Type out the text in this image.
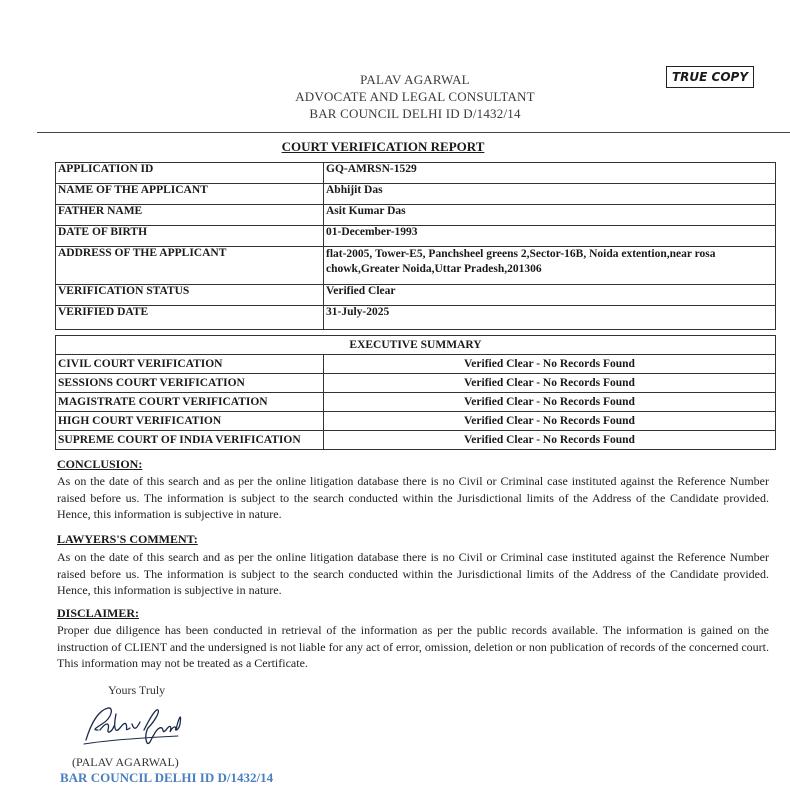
PALAV AGARWAL
ADVOCATE AND LEGAL CONSULTANT
BAR COUNCIL DELHI ID D/1432/14
TRUE COPY
COURT VERIFICATION REPORT
APPLICATION ID	GQ-AMRSN-1529
NAME OF THE APPLICANT	Abhijit Das
FATHER NAME	Asit Kumar Das
DATE OF BIRTH	01-December-1993
ADDRESS OF THE APPLICANT	flat-2005, Tower-E5, Panchsheel greens 2,Sector-16B, Noida extention,near rosa chowk,Greater Noida,Uttar Pradesh,201306
VERIFICATION STATUS	Verified Clear
VERIFIED DATE	31-July-2025
EXECUTIVE SUMMARY	
CIVIL COURT VERIFICATION	Verified Clear - No Records Found
SESSIONS COURT VERIFICATION	Verified Clear - No Records Found
MAGISTRATE COURT VERIFICATION	Verified Clear - No Records Found
HIGH COURT VERIFICATION	Verified Clear - No Records Found
SUPREME COURT OF INDIA VERIFICATION	Verified Clear - No Records Found
CONCLUSION:
As on the date of this search and as per the online litigation database there is no Civil or Criminal case instituted against the Reference Number raised before us. The information is subject to the search conducted within the Jurisdictional limits of the Address of the Candidate provided. Hence, this information is subjective in nature.
LAWYERS'S COMMENT:
As on the date of this search and as per the online litigation database there is no Civil or Criminal case instituted against the Reference Number raised before us. The information is subject to the search conducted within the Jurisdictional limits of the Address of the Candidate provided. Hence, this information is subjective in nature.
DISCLAIMER:
Proper due diligence has been conducted in retrieval of the information as per the public records available. The information is gained on the instruction of CLIENT and the undersigned is not liable for any act of error, omission, deletion or non publication of records of the concerned court. This information may not be treated as a Certificate.
Yours Truly
(PALAV AGARWAL)
BAR COUNCIL DELHI ID D/1432/14
